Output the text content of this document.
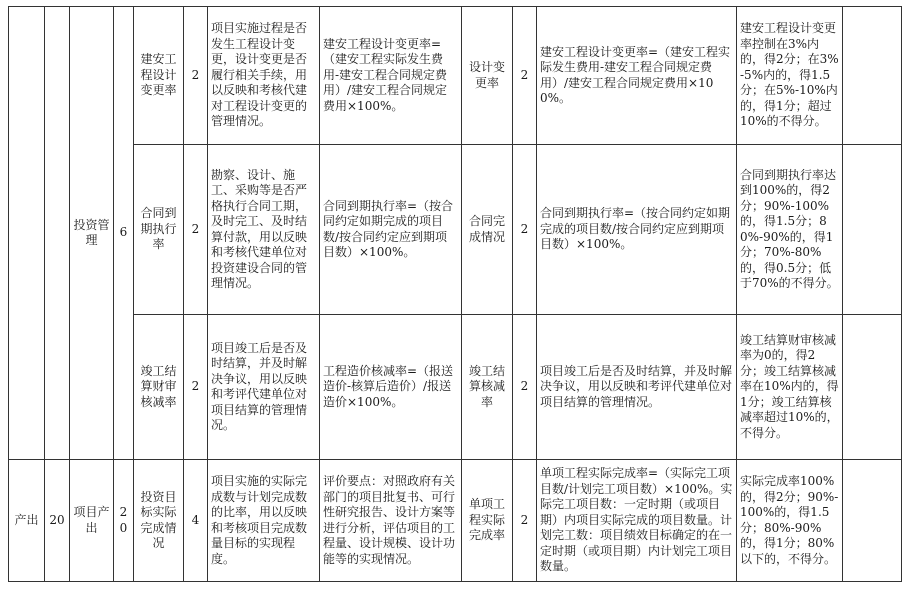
		投资管理	6	建安工程设计变更率	2	项目实施过程是否发生工程设计变更，设计变更是否履行相关手续，用以反映和考核代建对工程设计变更的管理情况。	建安工程设计变更率=（建安工程实际发生费用-建安工程合同规定费用）/建安工程合同规定费用×100%。	设计变更率	2	建安工程设计变更率=（建安工程实际发生费用-建安工程合同规定费用）/建安工程合同规定费用×100%。	建安工程设计变更率控制在3%内的，得2分；在3%-5%内的，得1.5分；在5%-10%内的，得1分；超过10%的不得分。	
				合同到期执行率	2	勘察、设计、施工、采购等是否严格执行合同工期，及时完工、及时结算付款，用以反映和考核代建单位对投资建设合同的管理情况。	合同到期执行率=（按合同约定如期完成的项目数/按合同约定应到期项目数）×100%。	合同完成情况	2	合同到期执行率=（按合同约定如期完成的项目数/按合同约定应到期项目数）×100%。	合同到期执行率达到100%的，得2分；90%-100%的，得1.5分；80%-90%的，得1分；70%-80%的，得0.5分；低于70%的不得分。	
				竣工结算财审核减率	2	项目竣工后是否及时结算，并及时解决争议，用以反映和考评代建单位对项目结算的管理情况。	工程造价核减率=（报送造价-核算后造价）/报送造价×100%。	竣工结算核减率	2	项目竣工后是否及时结算，并及时解决争议，用以反映和考评代建单位对项目结算的管理情况。	竣工结算财审核减率为0的，得2分；竣工结算核减率在10%内的，得1分；竣工结算核减率超过10%的，不得分。	
产出	20	项目产出	20	投资目标实际完成情况	4	项目实施的实际完成数与计划完成数的比率，用以反映和考核项目完成数量目标的实现程度。	评价要点：对照政府有关部门的项目批复书、可行性研究报告、设计方案等进行分析，评估项目的工程量、设计规模、设计功能等的实现情况。	单项工程实际完成率	2	单项工程实际完成率=（实际完工项目数/计划完工项目数）×100%。实际完工项目数：一定时期（或项目期）内项目实际完成的项目数量。计划完工数：项目绩效目标确定的在一定时期（或项目期）内计划完工项目数量。	实际完成率100%的，得2分；90%-100%的，得1.5分；80%-90%的，得1分；80%以下的，不得分。	
